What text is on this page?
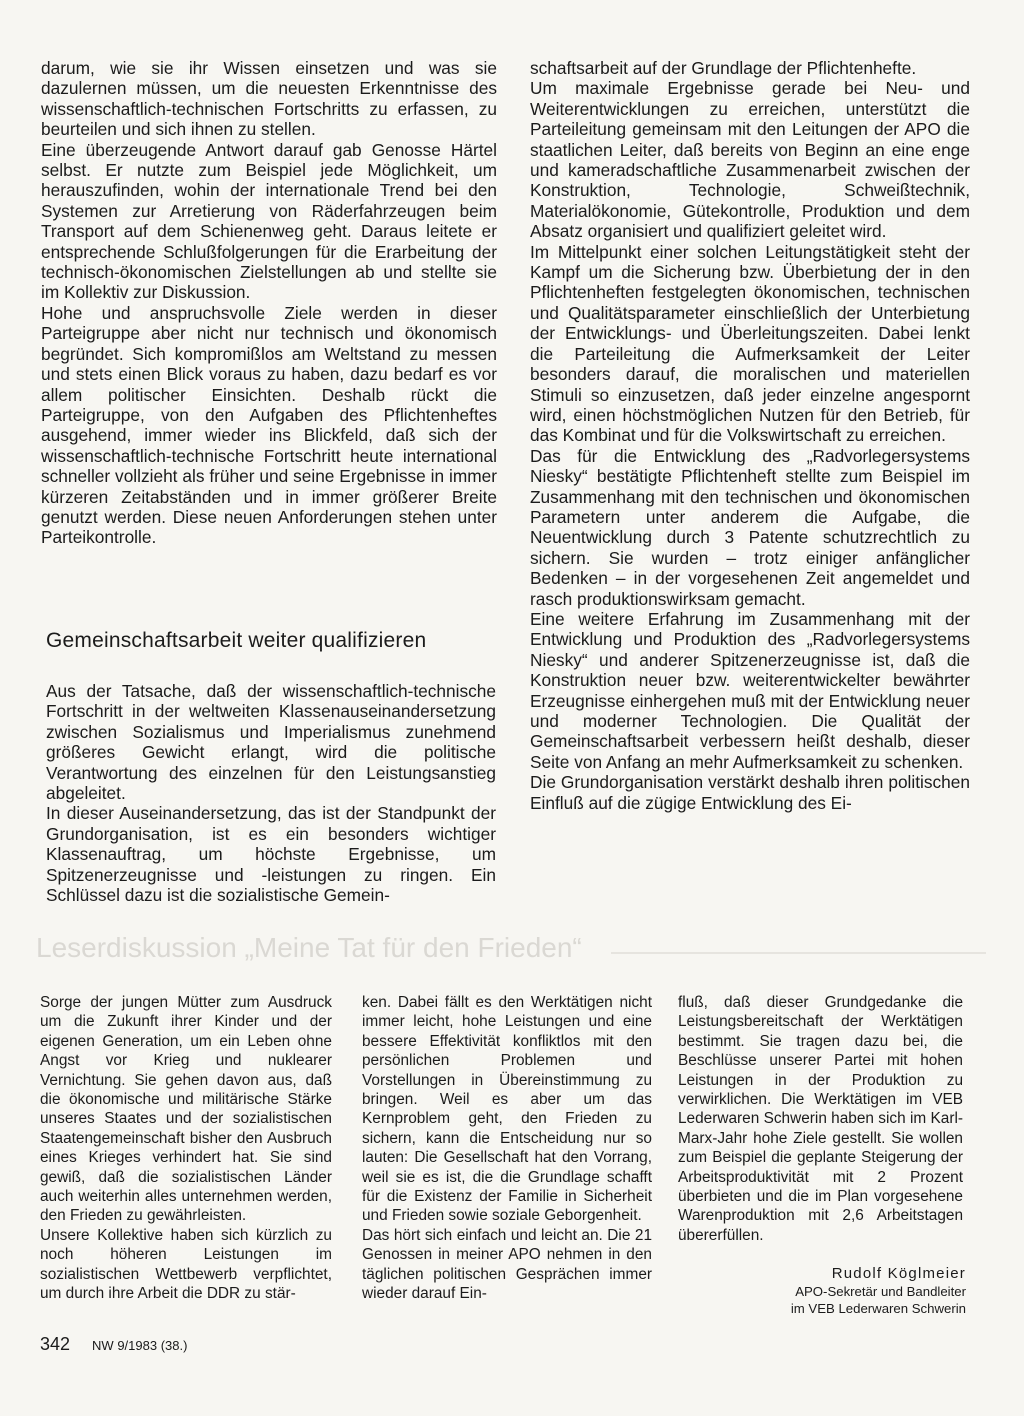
darum, wie sie ihr Wissen einsetzen und was sie dazulernen müssen, um die neuesten Erkenntnisse des wissenschaftlich-technischen Fortschritts zu erfassen, zu beurteilen und sich ihnen zu stellen.

Eine überzeugende Antwort darauf gab Genosse Härtel selbst. Er nutzte zum Beispiel jede Möglichkeit, um herauszufinden, wohin der internationale Trend bei den Systemen zur Arretierung von Räderfahrzeugen beim Transport auf dem Schienenweg geht. Daraus leitete er entsprechende Schlußfolgerungen für die Erarbeitung der technisch-ökonomischen Zielstellungen ab und stellte sie im Kollektiv zur Diskussion.

Hohe und anspruchsvolle Ziele werden in dieser Parteigruppe aber nicht nur technisch und ökonomisch begründet. Sich kompromißlos am Weltstand zu messen und stets einen Blick voraus zu haben, dazu bedarf es vor allem politischer Einsichten. Deshalb rückt die Parteigruppe, von den Aufgaben des Pflichtenheftes ausgehend, immer wieder ins Blickfeld, daß sich der wissenschaftlich-technische Fortschritt heute international schneller vollzieht als früher und seine Ergebnisse in immer kürzeren Zeitabständen und in immer größerer Breite genutzt werden. Diese neuen Anforderungen stehen unter Parteikontrolle.

Gemeinschaftsarbeit weiter qualifizieren

Aus der Tatsache, daß der wissenschaftlich-technische Fortschritt in der weltweiten Klassenauseinandersetzung zwischen Sozialismus und Imperialismus zunehmend größeres Gewicht erlangt, wird die politische Verantwortung des einzelnen für den Leistungsanstieg abgeleitet.

In dieser Auseinandersetzung, das ist der Standpunkt der Grundorganisation, ist es ein besonders wichtiger Klassenauftrag, um höchste Ergebnisse, um Spitzenerzeugnisse und -leistungen zu ringen. Ein Schlüssel dazu ist die sozialistische Gemein-

schaftsarbeit auf der Grundlage der Pflichtenhefte.

Um maximale Ergebnisse gerade bei Neu- und Weiterentwicklungen zu erreichen, unterstützt die Parteileitung gemeinsam mit den Leitungen der APO die staatlichen Leiter, daß bereits von Beginn an eine enge und kameradschaftliche Zusammenarbeit zwischen der Konstruktion, Technologie, Schweißtechnik, Materialökonomie, Gütekontrolle, Produktion und dem Absatz organisiert und qualifiziert geleitet wird.

Im Mittelpunkt einer solchen Leitungstätigkeit steht der Kampf um die Sicherung bzw. Überbietung der in den Pflichtenheften festgelegten ökonomischen, technischen und Qualitätsparameter einschließlich der Unterbietung der Entwicklungs- und Überleitungszeiten. Dabei lenkt die Parteileitung die Aufmerksamkeit der Leiter besonders darauf, die moralischen und materiellen Stimuli so einzusetzen, daß jeder einzelne angespornt wird, einen höchstmöglichen Nutzen für den Betrieb, für das Kombinat und für die Volkswirtschaft zu erreichen.

Das für die Entwicklung des „Radvorlegersystems Niesky“ bestätigte Pflichtenheft stellte zum Beispiel im Zusammenhang mit den technischen und ökonomischen Parametern unter anderem die Aufgabe, die Neuentwicklung durch 3 Patente schutzrechtlich zu sichern. Sie wurden – trotz einiger anfänglicher Bedenken – in der vorgesehenen Zeit angemeldet und rasch produktionswirksam gemacht.

Eine weitere Erfahrung im Zusammenhang mit der Entwicklung und Produktion des „Radvorlegersystems Niesky“ und anderer Spitzenerzeugnisse ist, daß die Konstruktion neuer bzw. weiterentwickelter bewährter Erzeugnisse einhergehen muß mit der Entwicklung neuer und moderner Technologien. Die Qualität der Gemeinschaftsarbeit verbessern heißt deshalb, dieser Seite von Anfang an mehr Aufmerksamkeit zu schenken.

Die Grundorganisation verstärkt deshalb ihren politischen Einfluß auf die zügige Entwicklung des Ei-

Leserdiskussion „Meine Tat für den Frieden“

Sorge der jungen Mütter zum Ausdruck um die Zukunft ihrer Kinder und der eigenen Generation, um ein Leben ohne Angst vor Krieg und nuklearer Vernichtung. Sie gehen davon aus, daß die ökonomische und militärische Stärke unseres Staates und der sozialistischen Staatengemeinschaft bisher den Ausbruch eines Krieges verhindert hat. Sie sind gewiß, daß die sozialistischen Länder auch weiterhin alles unternehmen werden, den Frieden zu gewährleisten.

Unsere Kollektive haben sich kürzlich zu noch höheren Leistungen im sozialistischen Wettbewerb verpflichtet, um durch ihre Arbeit die DDR zu stär-

ken. Dabei fällt es den Werktätigen nicht immer leicht, hohe Leistungen und eine bessere Effektivität konfliktlos mit den persönlichen Problemen und Vorstellungen in Übereinstimmung zu bringen. Weil es aber um das Kernproblem geht, den Frieden zu sichern, kann die Entscheidung nur so lauten: Die Gesellschaft hat den Vorrang, weil sie es ist, die die Grundlage schafft für die Existenz der Familie in Sicherheit und Frieden sowie soziale Geborgenheit.

Das hört sich einfach und leicht an. Die 21 Genossen in meiner APO nehmen in den täglichen politischen Gesprächen immer wieder darauf Ein-

fluß, daß dieser Grundgedanke die Leistungsbereitschaft der Werktätigen bestimmt. Sie tragen dazu bei, die Beschlüsse unserer Partei mit hohen Leistungen in der Produktion zu verwirklichen. Die Werktätigen im VEB Lederwaren Schwerin haben sich im Karl-Marx-Jahr hohe Ziele gestellt. Sie wollen zum Beispiel die geplante Steigerung der Arbeitsproduktivität mit 2 Prozent überbieten und die im Plan vorgesehene Warenproduktion mit 2,6 Arbeitstagen übererfüllen.

Rudolf Köglmeier

APO-Sekretär und Bandleiter

im VEB Lederwaren Schwerin

342 NW 9/1983 (38.)
